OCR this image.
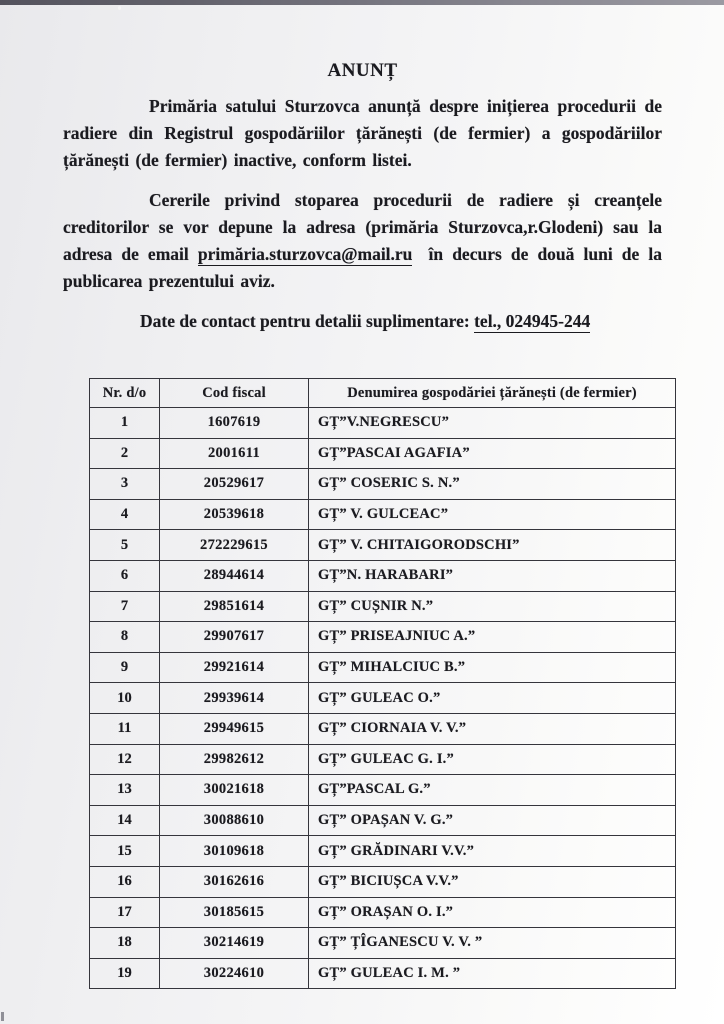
ANUNȚ

Primăria satului Sturzovca anunță despre inițierea procedurii de radiere din Registrul gospodăriilor țărănești (de fermier) a gospodăriilor țărănești (de fermier) inactive, conform listei.

Cererile privind stoparea procedurii de radiere și creanțele creditorilor se vor depune la adresa (primăria Sturzovca,r.Glodeni) sau la adresa de email primăria.sturzovca@mail.ru în decurs de două luni de la publicarea prezentului aviz.

Date de contact pentru detalii suplimentare: tel., 024945-244

Nr. d/o	Cod fiscal	Denumirea gospodăriei țărănești (de fermier)
1	1607619	GȚ”V.NEGRESCU”
2	2001611	GȚ”PASCAI AGAFIA”
3	20529617	GȚ” COSERIC S. N.”
4	20539618	GȚ” V. GULCEAC”
5	272229615	GȚ” V. CHITAIGORODSCHI”
6	28944614	GȚ”N. HARABARI”
7	29851614	GȚ” CUȘNIR N.”
8	29907617	GȚ” PRISEAJNIUC A.”
9	29921614	GȚ” MIHALCIUC B.”
10	29939614	GȚ” GULEAC O.”
11	29949615	GȚ” CIORNAIA V. V.”
12	29982612	GȚ” GULEAC G. I.”
13	30021618	GȚ”PASCAL G.”
14	30088610	GȚ” OPAȘAN V. G.”
15	30109618	GȚ” GRĂDINARI V.V.”
16	30162616	GȚ” BICIUȘCA V.V.”
17	30185615	GȚ” ORAȘAN O. I.”
18	30214619	GȚ” ȚÎGANESCU V. V. ”
19	30224610	GȚ” GULEAC I. M. ”
